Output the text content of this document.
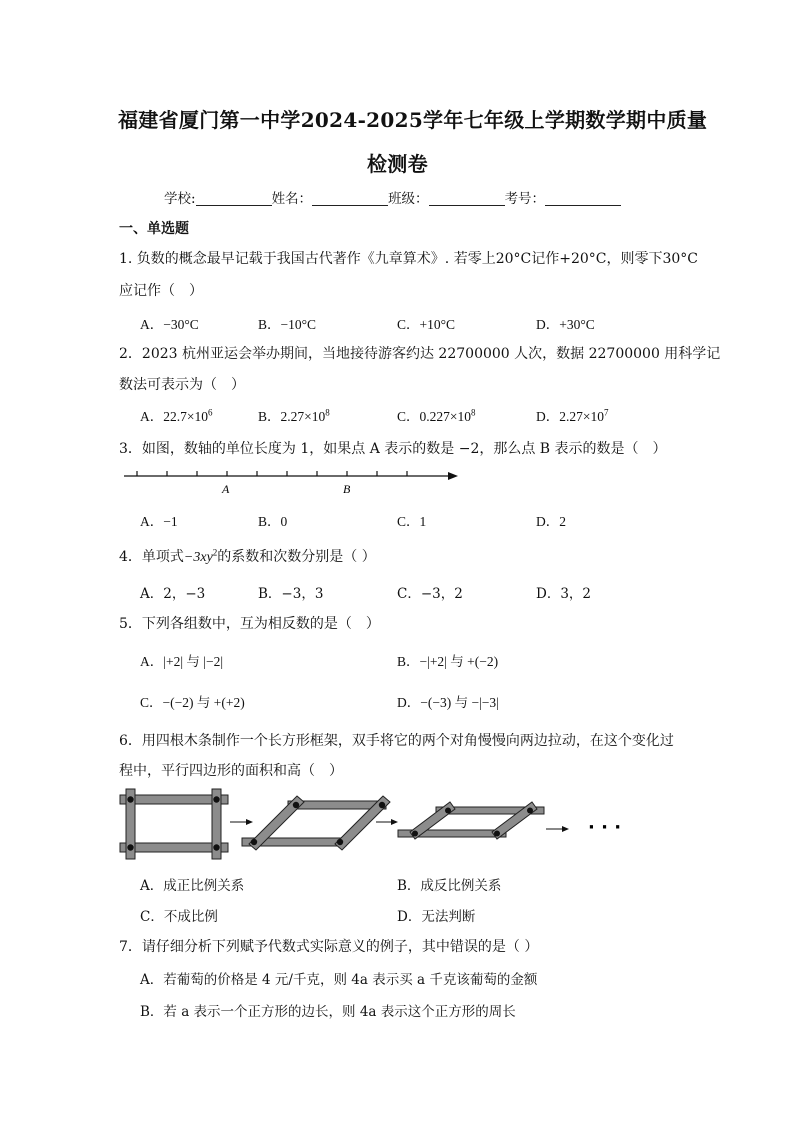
福建省厦门第一中学2024-2025学年七年级上学期数学期中质量
检测卷
学校:	姓名：	班级：	考号：
一、单选题
1. 负数的概念最早记载于我国古代著作《九章算术》. 若零上20°C记作+20°C，则零下30°C
应记作（　）
A．−30°C	B．−10°C	C．+10°C	D．+30°C
2．2023 杭州亚运会举办期间，当地接待游客约达 22700000 人次，数据 22700000 用科学记
数法可表示为（　）
A．$22.7\times 10^6$	B．$2.27\times 10^8$	C．$0.227\times 10^8$	D．$2.27\times 10^7$
3．如图，数轴的单位长度为 1，如果点 A 表示的数是 −2，那么点 B 表示的数是（　）
A	B
A．−1	B．0	C．1	D．2
4．单项式$-3xy^2$的系数和次数分别是（ ）
A．2，−3	B．−3，3	C．−3，2	D．3，2
5．下列各组数中，互为相反数的是（　）
A．|+2| 与 |−2|	B．−|+2| 与 +(−2)
C．−(−2) 与 +(+2)	D．−(−3) 与 −|−3|
6．用四根木条制作一个长方形框架，双手将它的两个对角慢慢向两边拉动，在这个变化过
程中，平行四边形的面积和高（　）
· · ·
A．成正比例关系	B．成反比例关系
C．不成比例	D．无法判断
7．请仔细分析下列赋予代数式实际意义的例子，其中错误的是（ ）
A．若葡萄的价格是 4 元/千克，则 4a 表示买 a 千克该葡萄的金额
B．若 a 表示一个正方形的边长，则 4a 表示这个正方形的周长
